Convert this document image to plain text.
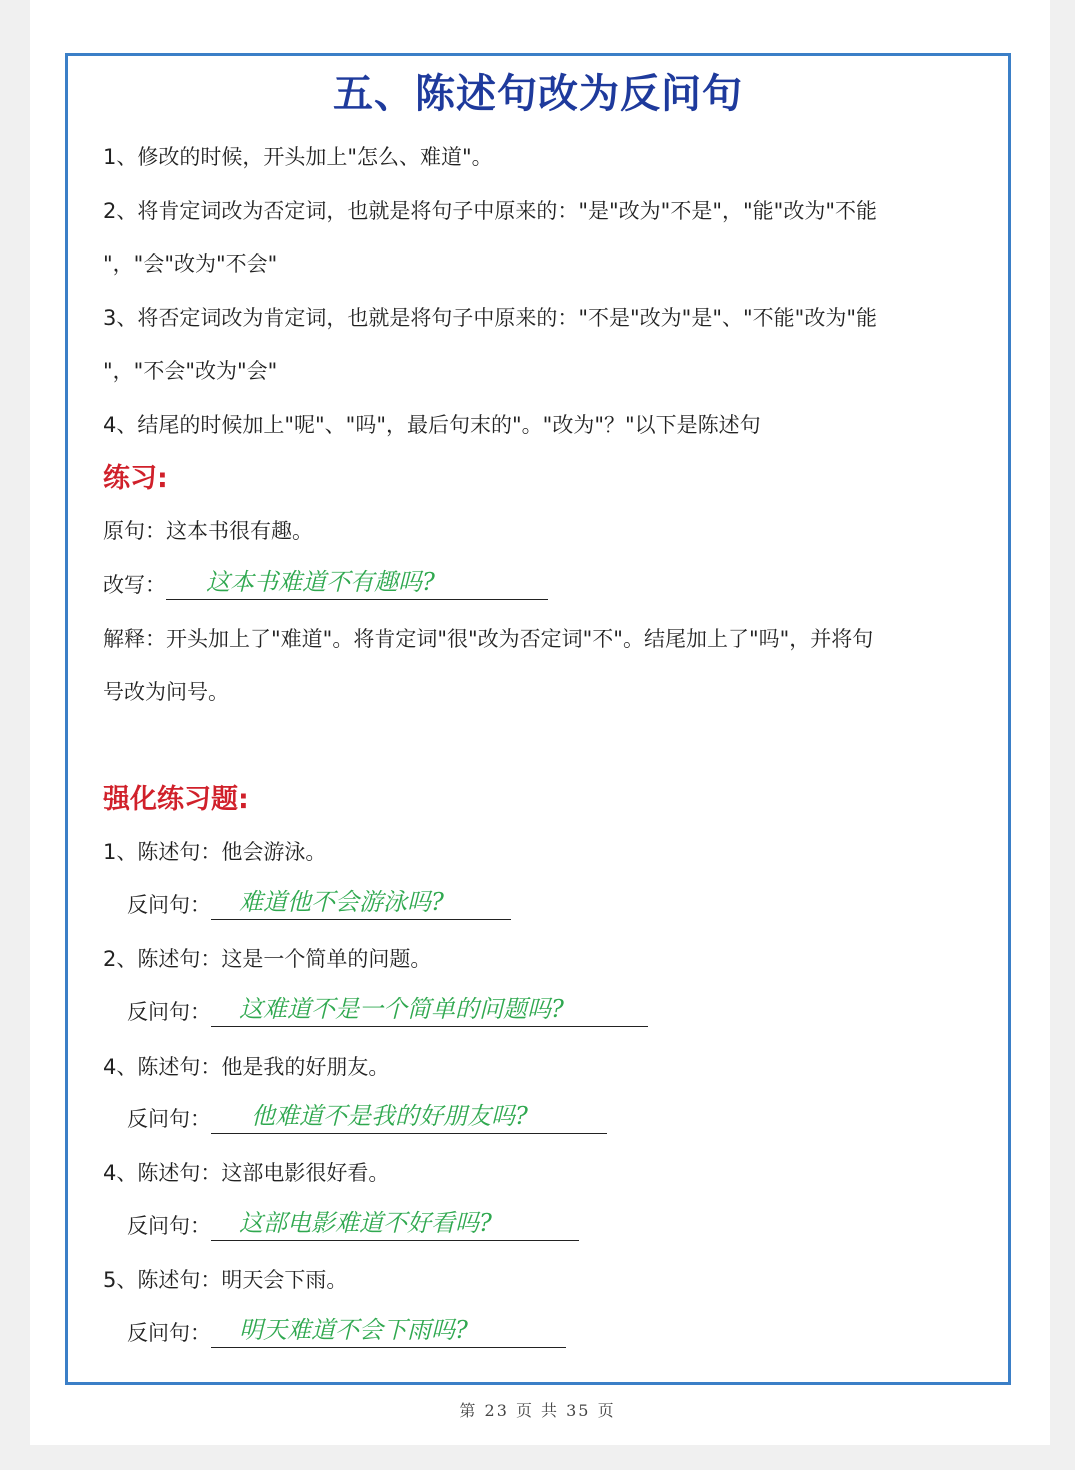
五、陈述句改为反问句

1、修改的时候，开头加上"怎么、难道"。

2、将肯定词改为否定词，也就是将句子中原来的："是"改为"不是"，"能"改为"不能

"，"会"改为"不会"

3、将否定词改为肯定词，也就是将句子中原来的："不是"改为"是"、"不能"改为"能

"，"不会"改为"会"

4、结尾的时候加上"呢"、"吗"，最后句末的"。"改为"？"以下是陈述句

练习:

原句：这本书很有趣。

改写： 这本书难道不有趣吗?

解释：开头加上了"难道"。将肯定词"很"改为否定词"不"。结尾加上了"吗"，并将句

号改为问号。

强化练习题:

1、陈述句：他会游泳。

反问句： 难道他不会游泳吗?

2、陈述句：这是一个简单的问题。

反问句： 这难道不是一个简单的问题吗?

4、陈述句：他是我的好朋友。

反问句： 他难道不是我的好朋友吗?

4、陈述句：这部电影很好看。

反问句： 这部电影难道不好看吗?

5、陈述句：明天会下雨。

反问句： 明天难道不会下雨吗?
第 23 页 共 35 页
